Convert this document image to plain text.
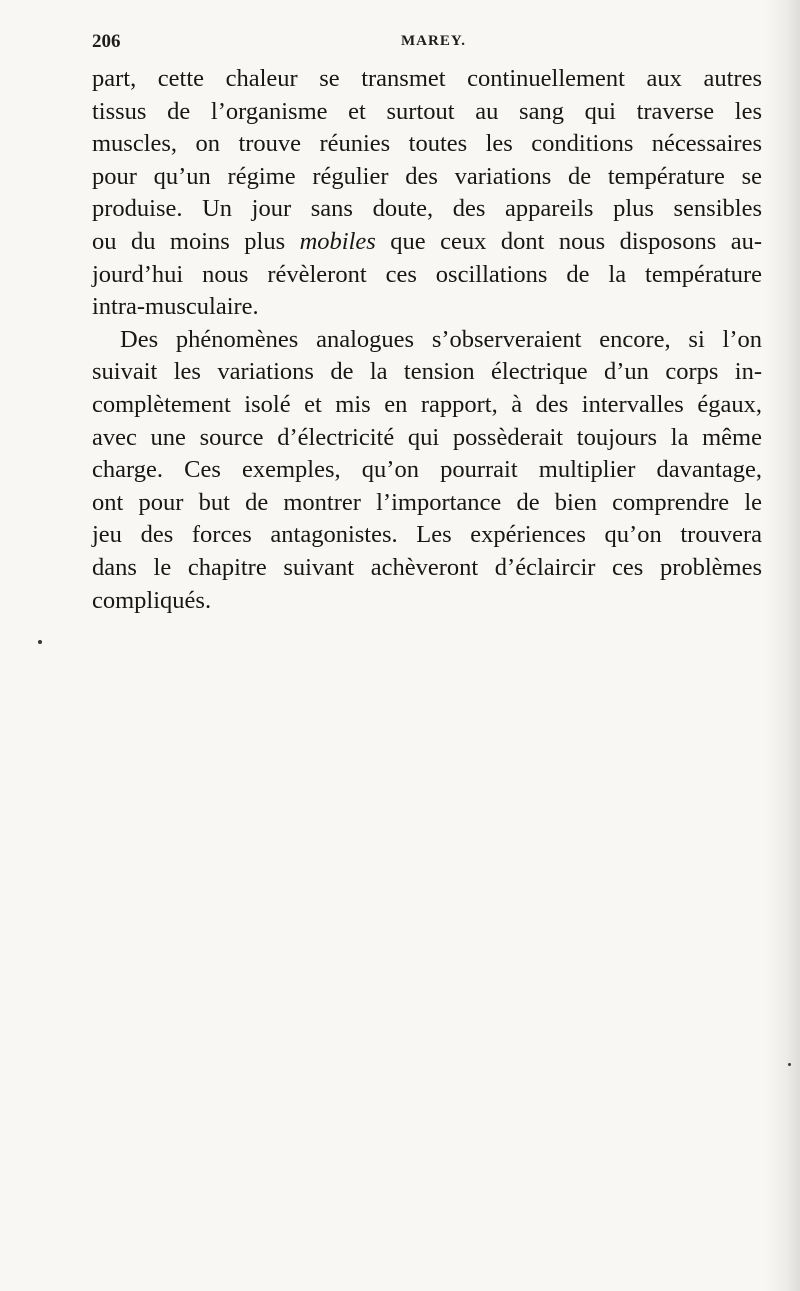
206	MAREY.
part, cette chaleur se transmet continuellement aux autres
tissus de l’organisme et surtout au sang qui traverse les
muscles, on trouve réunies toutes les conditions nécessaires
pour qu’un régime régulier des variations de température se
produise. Un jour sans doute, des appareils plus sensibles
ou du moins plus mobiles que ceux dont nous disposons au-
jourd’hui nous révèleront ces oscillations de la température
intra-musculaire.
Des phénomènes analogues s’observeraient encore, si l’on
suivait les variations de la tension électrique d’un corps in-
complètement isolé et mis en rapport, à des intervalles égaux,
avec une source d’électricité qui possèderait toujours la même
charge. Ces exemples, qu’on pourrait multiplier davantage,
ont pour but de montrer l’importance de bien comprendre le
jeu des forces antagonistes. Les expériences qu’on trouvera
dans le chapitre suivant achèveront d’éclaircir ces problèmes
compliqués.
